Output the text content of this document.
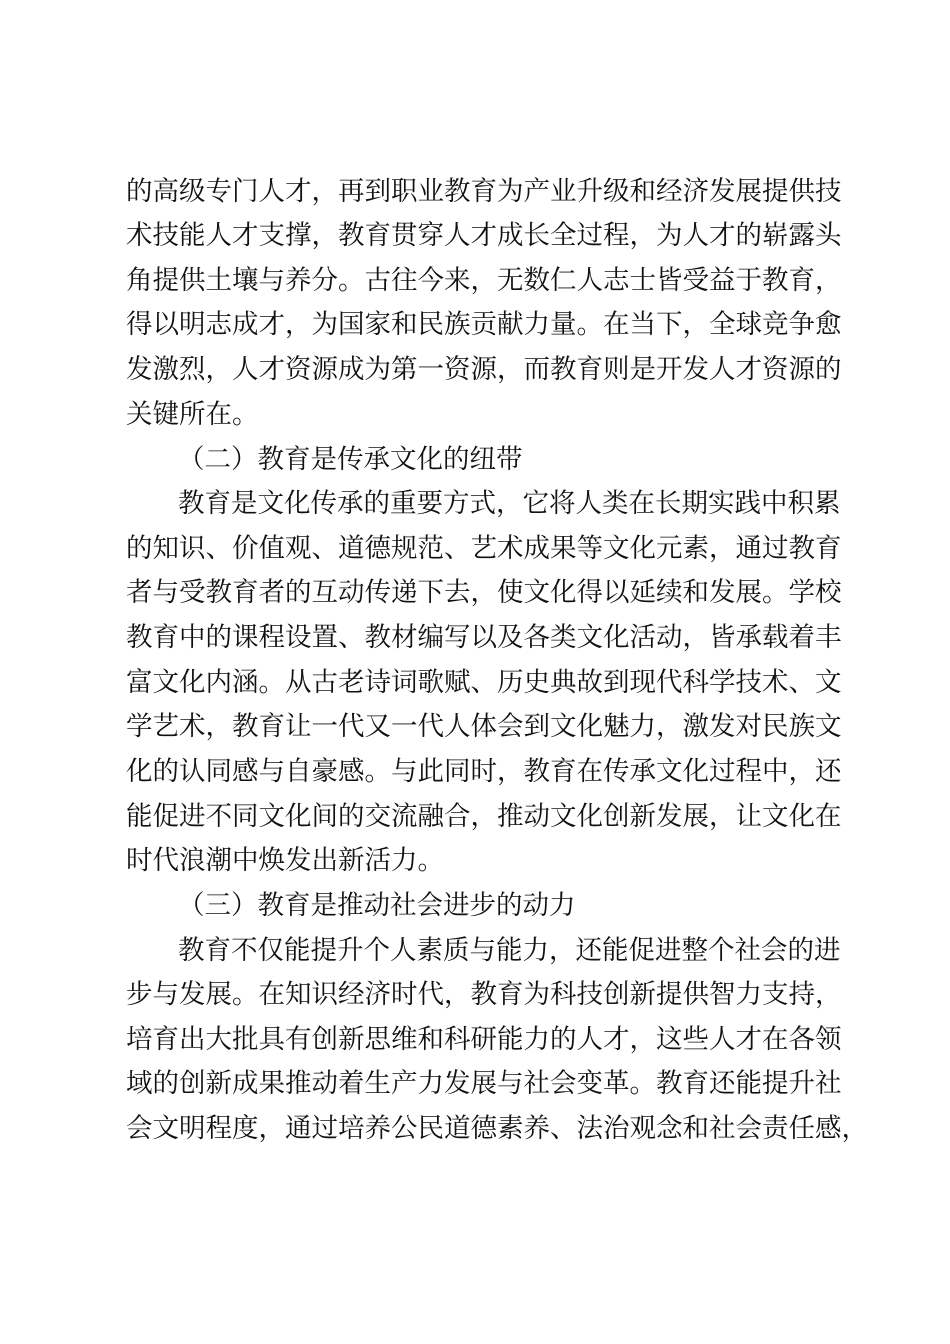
的高级专门人才，再到职业教育为产业升级和经济发展提供技
术技能人才支撑，教育贯穿人才成长全过程，为人才的崭露头
角提供土壤与养分。古往今来，无数仁人志士皆受益于教育，
得以明志成才，为国家和民族贡献力量。在当下，全球竞争愈
发激烈，人才资源成为第一资源，而教育则是开发人才资源的
关键所在。
（二）教育是传承文化的纽带
教育是文化传承的重要方式，它将人类在长期实践中积累
的知识、价值观、道德规范、艺术成果等文化元素，通过教育
者与受教育者的互动传递下去，使文化得以延续和发展。学校
教育中的课程设置、教材编写以及各类文化活动，皆承载着丰
富文化内涵。从古老诗词歌赋、历史典故到现代科学技术、文
学艺术，教育让一代又一代人体会到文化魅力，激发对民族文
化的认同感与自豪感。与此同时，教育在传承文化过程中，还
能促进不同文化间的交流融合，推动文化创新发展，让文化在
时代浪潮中焕发出新活力。
（三）教育是推动社会进步的动力
教育不仅能提升个人素质与能力，还能促进整个社会的进
步与发展。在知识经济时代，教育为科技创新提供智力支持，
培育出大批具有创新思维和科研能力的人才，这些人才在各领
域的创新成果推动着生产力发展与社会变革。教育还能提升社
会文明程度，通过培养公民道德素养、法治观念和社会责任感，
